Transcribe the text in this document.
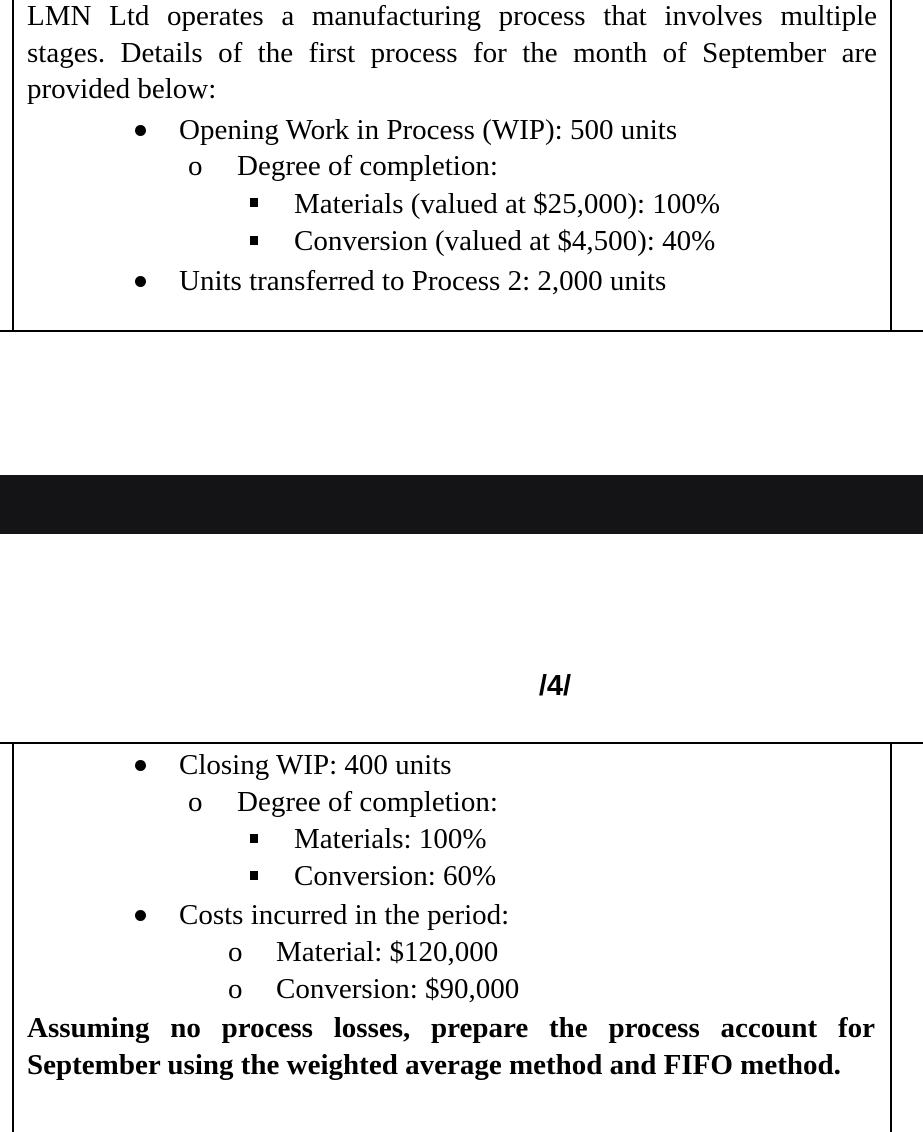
LMN Ltd operates a manufacturing process that involves multiple stages. Details of the first process for the month of September are provided below:

Opening Work in Process (WIP): 500 units
o Degree of completion:
Materials (valued at $25,000): 100%
Conversion (valued at $4,500): 40%
Units transferred to Process 2: 2,000 units
/4/
Closing WIP: 400 units
o Degree of completion:
Materials: 100%
Conversion: 60%
Costs incurred in the period:
o Material: $120,000
o Conversion: $90,000

Assuming no process losses, prepare the process account for September using the weighted average method and FIFO method.
